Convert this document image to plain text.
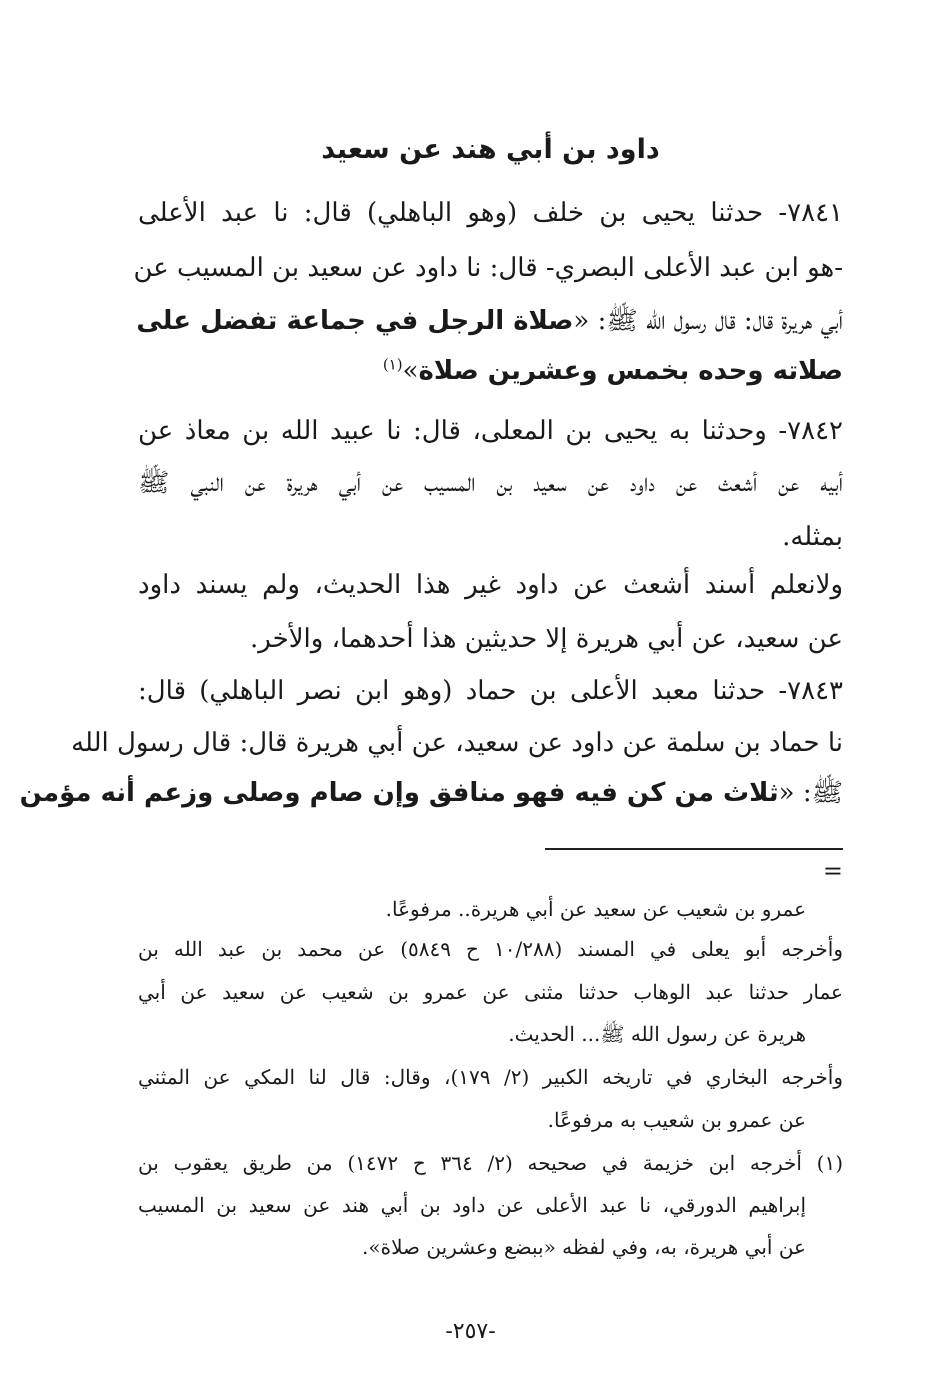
داود بن أبي هند عن سعيد
٧٨٤١- حدثنا يحيى بن خلف (وهو الباهلي) قال: نا عبد الأعلى
-هو ابن عبد الأعلى البصري- قال: نا داود عن سعيد بن المسيب عن
أبي هريرة قال: قال رسول الله ﷺ: «صلاة الرجل في جماعة تفضل على
صلاته وحده بخمس وعشرين صلاة»$^{(١)}$
٧٨٤٢- وحدثنا به يحيى بن المعلى، قال: نا عبيد الله بن معاذ عن
أبيه عن أشعث عن داود عن سعيد بن المسيب عن أبي هريرة عن النبي ﷺ
بمثله.
ولانعلم أسند أشعث عن داود غير هذا الحديث، ولم يسند داود
عن سعيد، عن أبي هريرة إلا حديثين هذا أحدهما، والأخر.
٧٨٤٣- حدثنا معبد الأعلى بن حماد (وهو ابن نصر الباهلي) قال:
نا حماد بن سلمة عن داود عن سعيد، عن أبي هريرة قال: قال رسول الله
ﷺ: «ثلاث من كن فيه فهو منافق وإن صام وصلى وزعم أنه مؤمن
=
عمرو بن شعيب عن سعيد عن أبي هريرة.. مرفوعًا.
وأخرجه أبو يعلى في المسند (١٠/٢٨٨ ح ٥٨٤٩) عن محمد بن عبد الله بن
عمار حدثنا عبد الوهاب حدثنا مثنى عن عمرو بن شعيب عن سعيد عن أبي
هريرة عن رسول الله ﷺ... الحديث.
وأخرجه البخاري في تاريخه الكبير (٢/ ١٧٩)، وقال: قال لنا المكي عن المثني
عن عمرو بن شعيب به مرفوعًا.
(١) أخرجه ابن خزيمة في صحيحه (٢/ ٣٦٤ ح ١٤٧٢) من طريق يعقوب بن
إبراهيم الدورقي، نا عبد الأعلى عن داود بن أبي هند عن سعيد بن المسيب
عن أبي هريرة، به، وفي لفظه «ببضع وعشرين صلاة».
-٢٥٧-
